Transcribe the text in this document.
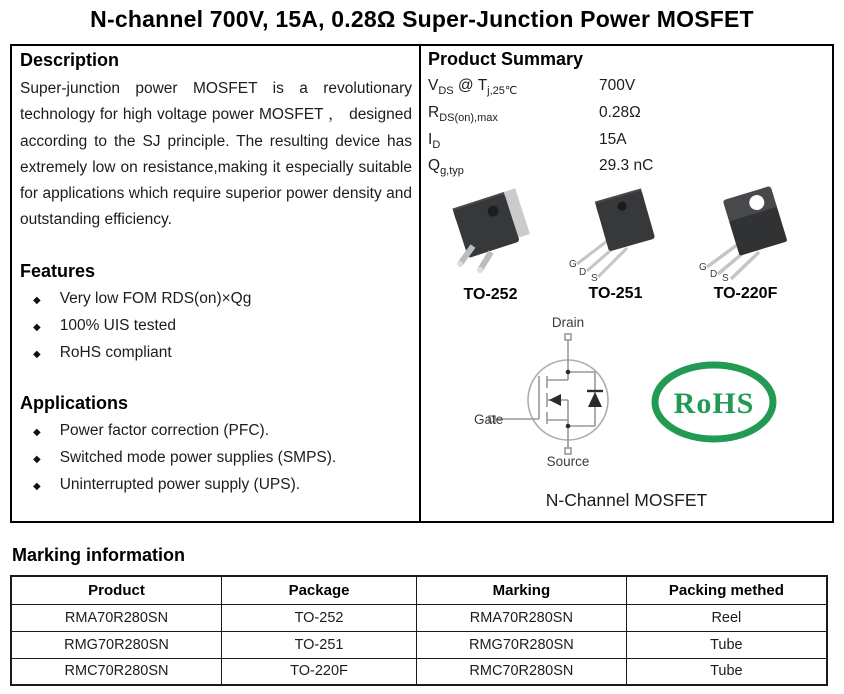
N-channel 700V, 15A, 0.28Ω Super-Junction Power MOSFET
Description

Super-junction power MOSFET is a revolutionary technology for high voltage power MOSFET ， designed according to the SJ principle. The resulting device has extremely low on resistance,making it especially suitable for applications which require superior power density and outstanding efficiency.

Features
◆ Very low FOM RDS(on)×Qg
◆ 100% UIS tested
◆ RoHS compliant
Applications
◆ Power factor correction (PFC).
◆ Switched mode power supplies (SMPS).
◆ Uninterrupted power supply (UPS).
Product Summary
$V_{DS}$ @ $T_{j,25℃}$	700V
$R_{DS(on),max}$	0.28Ω
$I_D$	15A
$Q_{g,typ}$	29.3 nC
TO-252
G
D
S
TO-251
G
D S
TO-220F
Drain
Gate
Source
RoHS
N-Channel MOSFET
Marking information
Product	Package	Marking	Packing methed
RMA70R280SN	TO-252	RMA70R280SN	Reel
RMG70R280SN	TO-251	RMG70R280SN	Tube
RMC70R280SN	TO-220F	RMC70R280SN	Tube
